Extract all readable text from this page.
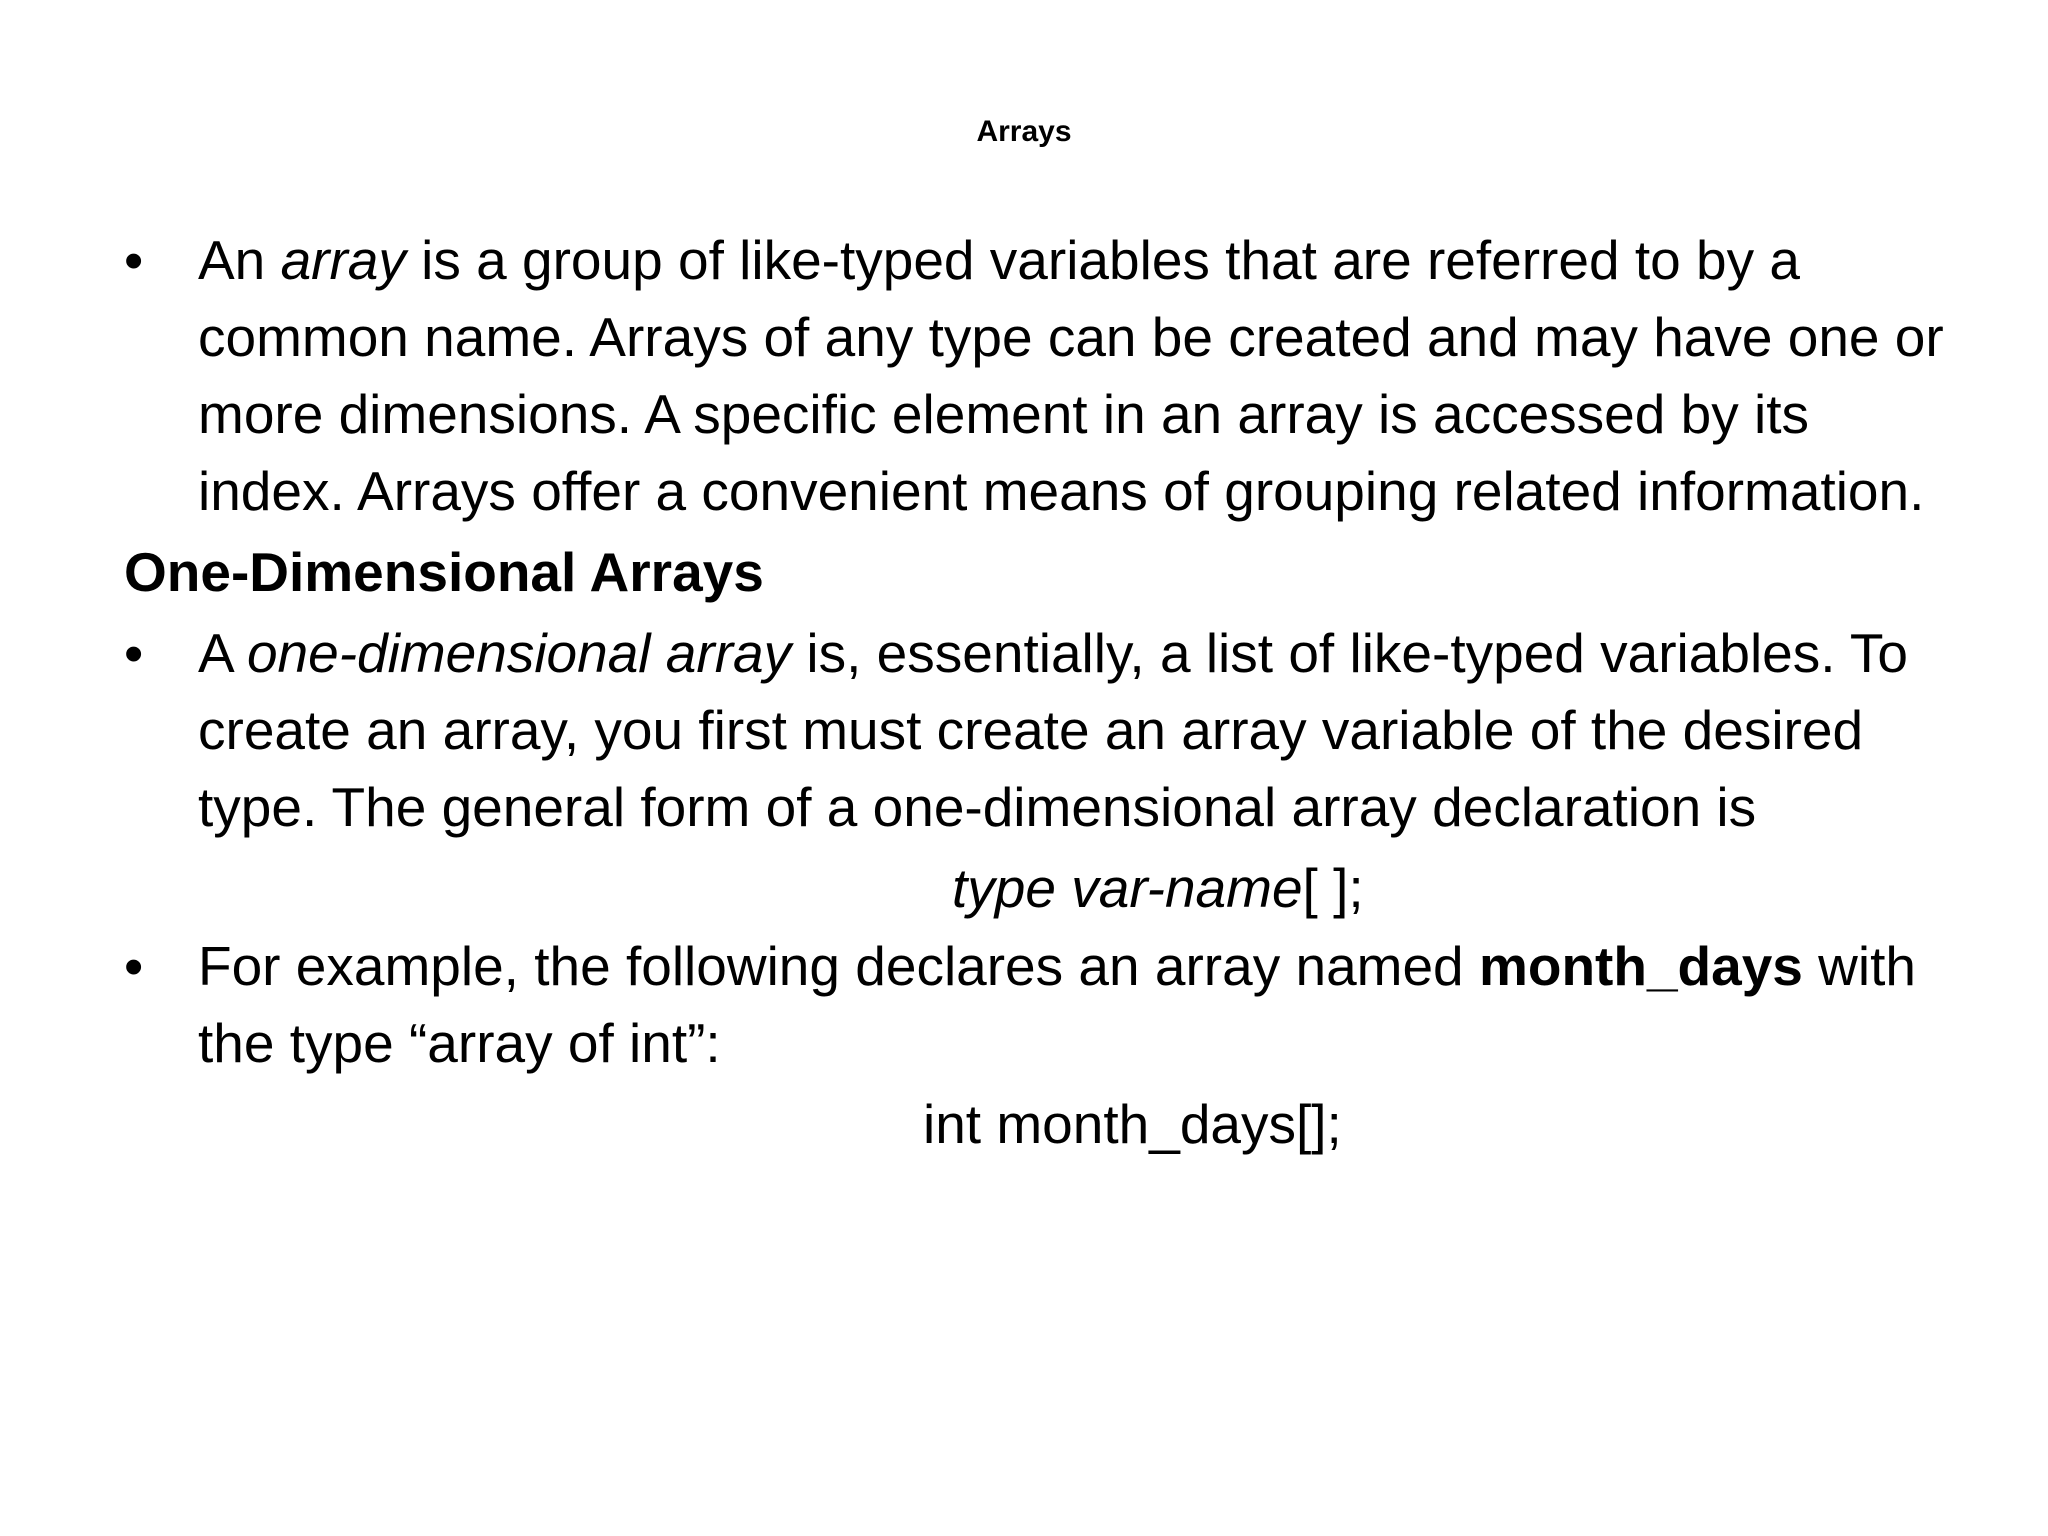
Arrays
• An array is a group of like-typed variables that are referred to by a common name. Arrays of any type can be created and may have one or more dimensions. A specific element in an array is accessed by its index. Arrays offer a convenient means of grouping related information.
One-Dimensional Arrays
• A one-dimensional array is, essentially, a list of like-typed variables. To create an array, you first must create an array variable of the desired type. The general form of a one-dimensional array declaration is
type var-name[ ];
• For example, the following declares an array named month_days with the type “array of int”:
int month_days[];
